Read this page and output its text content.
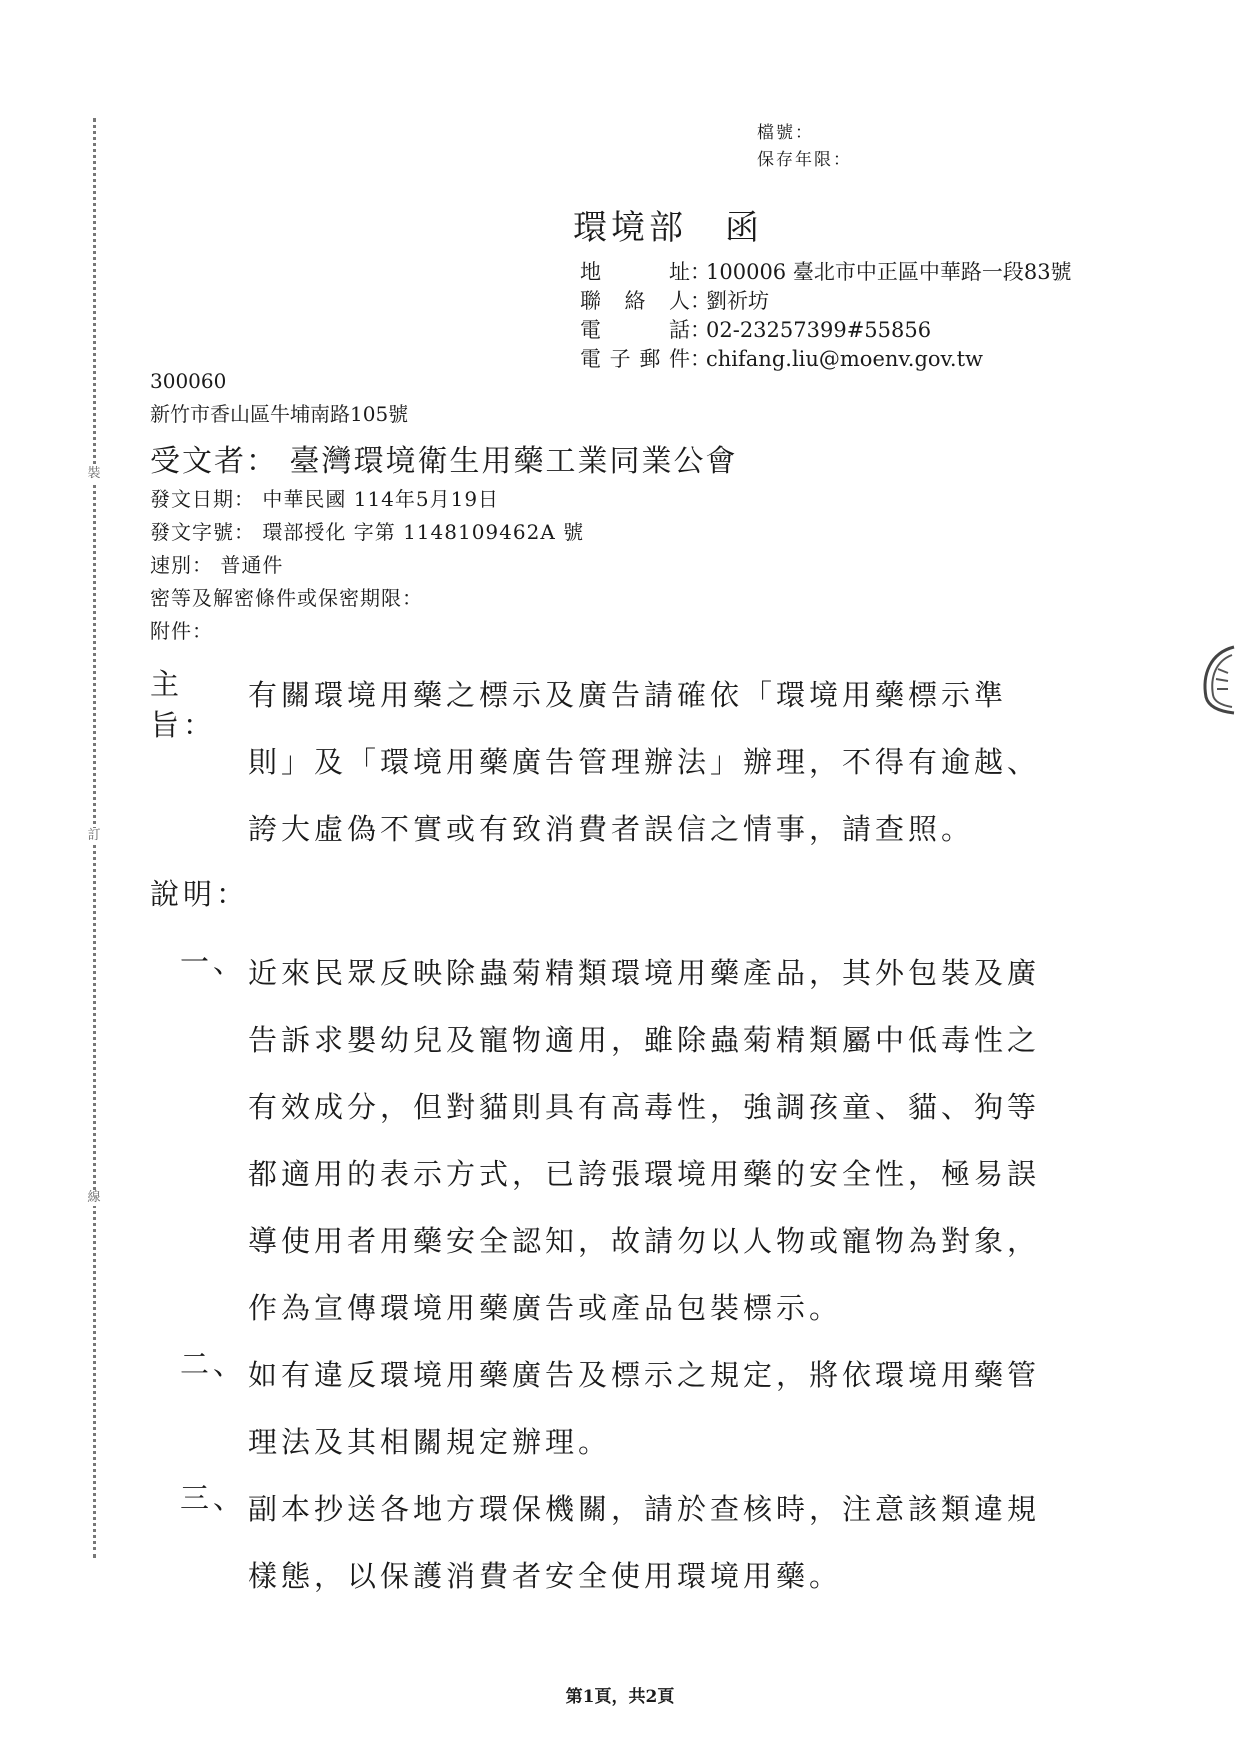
裝
訂
線
檔號：
保存年限：
環境部　函
地址：100006 臺北市中正區中華路一段83號
聯絡人：劉祈坊
電話：02-23257399#55856
電子郵件：chifang.liu@moenv.gov.tw
300060
新竹市香山區牛埔南路105號
受文者： 臺灣環境衛生用藥工業同業公會
發文日期： 中華民國 114年5月19日
發文字號： 環部授化 字第 1148109462A 號
速別： 普通件
密等及解密條件或保密期限：
附件：
主旨：
有關環境用藥之標示及廣告請確依「環境用藥標示準
則」及「環境用藥廣告管理辦法」辦理，不得有逾越、
誇大虛偽不實或有致消費者誤信之情事，請查照。
說明：
一、 近來民眾反映除蟲菊精類環境用藥產品，其外包裝及廣
告訴求嬰幼兒及寵物適用，雖除蟲菊精類屬中低毒性之
有效成分，但對貓則具有高毒性，強調孩童、貓、狗等
都適用的表示方式，已誇張環境用藥的安全性，極易誤
導使用者用藥安全認知，故請勿以人物或寵物為對象，
作為宣傳環境用藥廣告或產品包裝標示。
二、 如有違反環境用藥廣告及標示之規定，將依環境用藥管
理法及其相關規定辦理。
三、 副本抄送各地方環保機關，請於查核時，注意該類違規
樣態，以保護消費者安全使用環境用藥。
第1頁，共2頁
